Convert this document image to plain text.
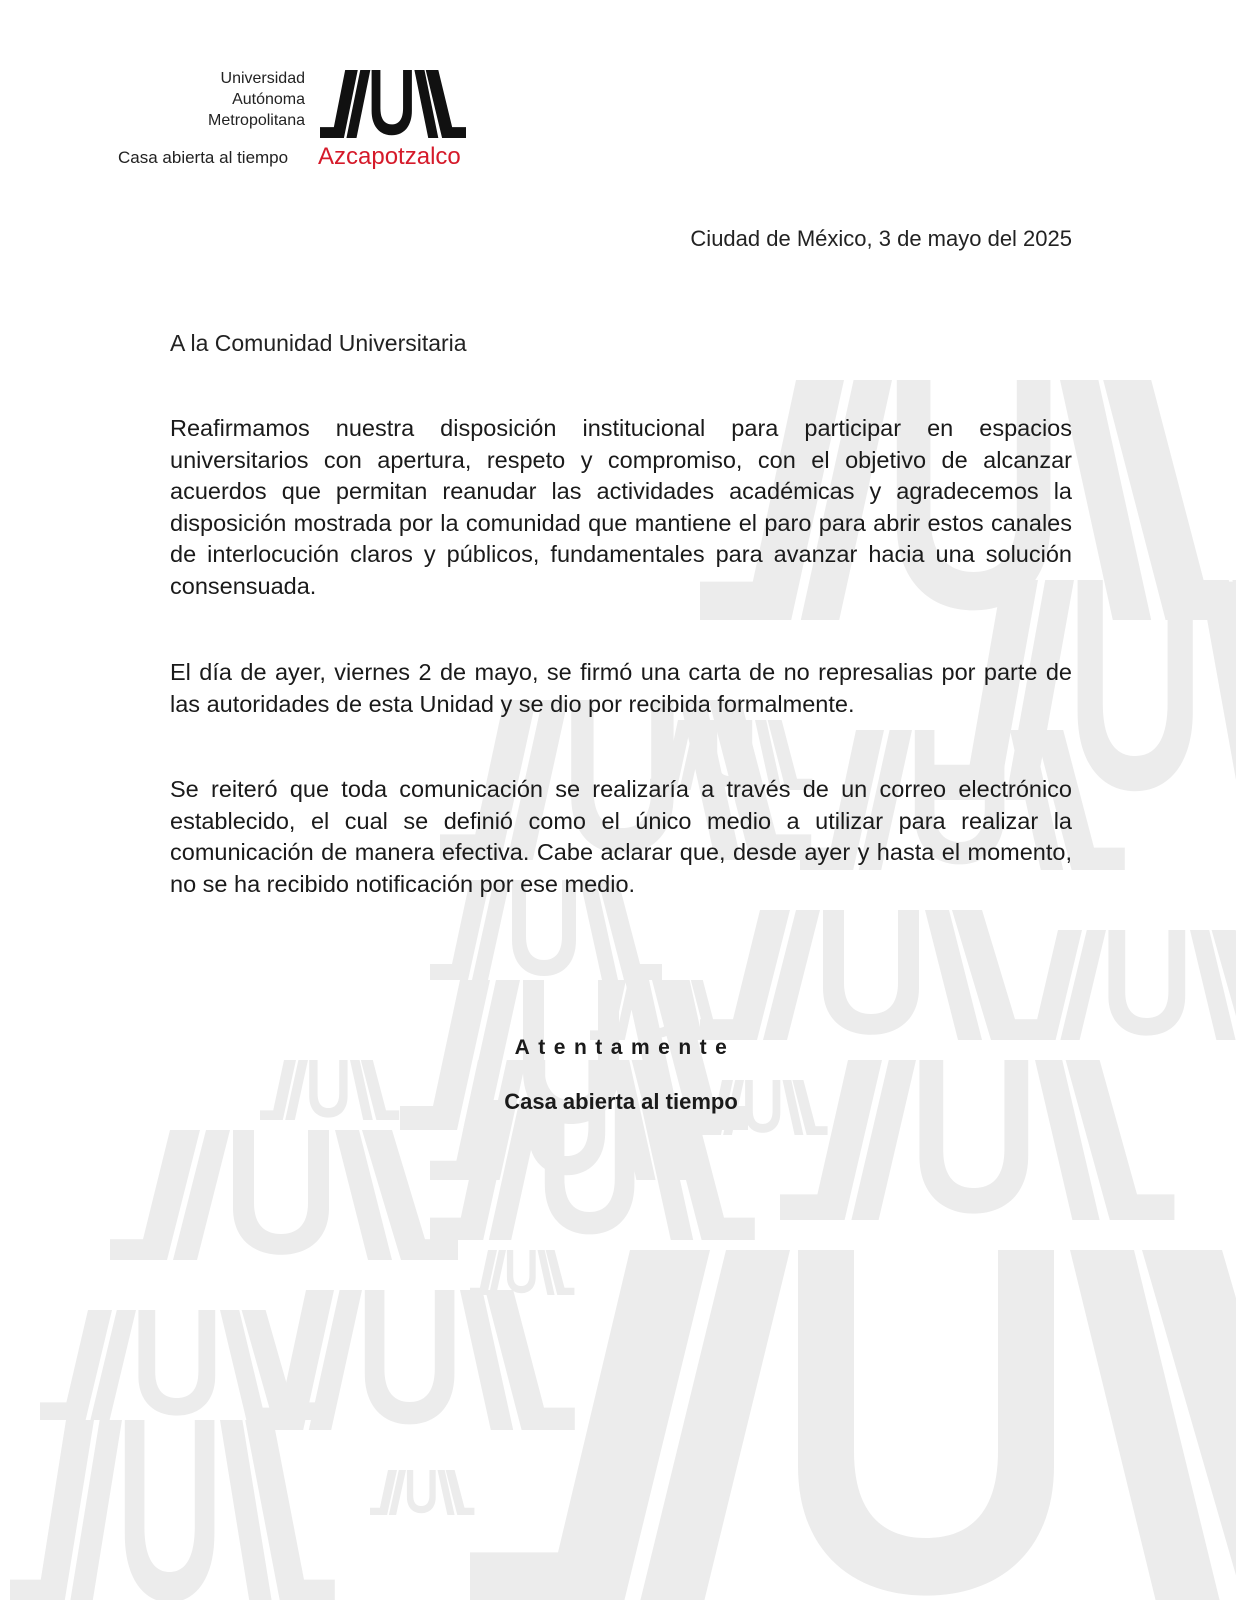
Universidad
Autónoma
Metropolitana
Casa abierta al tiempo Azcapotzalco
Ciudad de México, 3 de mayo del 2025
A la Comunidad Universitaria

Reafirmamos nuestra disposición institucional para participar en espacios universitarios con apertura, respeto y compromiso, con el objetivo de alcanzar acuerdos que permitan reanudar las actividades académicas y agradecemos la disposición mostrada por la comunidad que mantiene el paro para abrir estos canales de interlocución claros y públicos, fundamentales para avanzar hacia una solución consensuada.

El día de ayer, viernes 2 de mayo, se firmó una carta de no represalias por parte de las autoridades de esta Unidad y se dio por recibida formalmente.

Se reiteró que toda comunicación se realizaría a través de un correo electrónico establecido, el cual se definió como el único medio a utilizar para realizar la comunicación de manera efectiva. Cabe aclarar que, desde ayer y hasta el momento, no se ha recibido notificación por ese medio.

Atentamente
Casa abierta al tiempo
